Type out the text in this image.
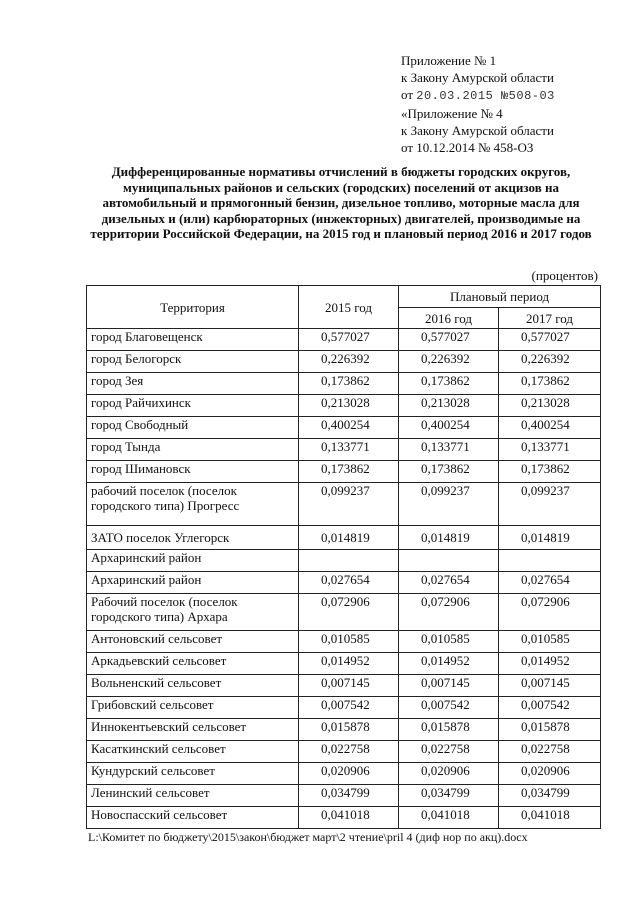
Приложение № 1
к Закону Амурской области
от 20.03.2015 №508-03
«Приложение № 4
к Закону Амурской области
от 10.12.2014 № 458-ОЗ
Дифференцированные нормативы отчислений в бюджеты городских округов, муниципальных районов и сельских (городских) поселений от акцизов на автомобильный и прямогонный бензин, дизельное топливо, моторные масла для дизельных и (или) карбюраторных (инжекторных) двигателей, производимые на территории Российской Федерации, на 2015 год и плановый период 2016 и 2017 годов
(процентов)
Территория	2015 год	Плановый период	
		2016 год	2017 год
город Благовещенск	0,577027	0,577027	0,577027
город Белогорск	0,226392	0,226392	0,226392
город Зея	0,173862	0,173862	0,173862
город Райчихинск	0,213028	0,213028	0,213028
город Свободный	0,400254	0,400254	0,400254
город Тында	0,133771	0,133771	0,133771
город Шимановск	0,173862	0,173862	0,173862
рабочий поселок (поселок городского типа) Прогресс	0,099237	0,099237	0,099237
ЗАТО поселок Углегорск	0,014819	0,014819	0,014819
Архаринский район			
Архаринский район	0,027654	0,027654	0,027654
Рабочий поселок (поселок городского типа) Архара	0,072906	0,072906	0,072906
Антоновский сельсовет	0,010585	0,010585	0,010585
Аркадьевский сельсовет	0,014952	0,014952	0,014952
Вольненский сельсовет	0,007145	0,007145	0,007145
Грибовский сельсовет	0,007542	0,007542	0,007542
Иннокентьевский сельсовет	0,015878	0,015878	0,015878
Касаткинский сельсовет	0,022758	0,022758	0,022758
Кундурский сельсовет	0,020906	0,020906	0,020906
Ленинский сельсовет	0,034799	0,034799	0,034799
Новоспасский сельсовет	0,041018	0,041018	0,041018
L:\Комитет по бюджету\2015\закон\бюджет март\2 чтение\pril 4 (диф нор по акц).docx
